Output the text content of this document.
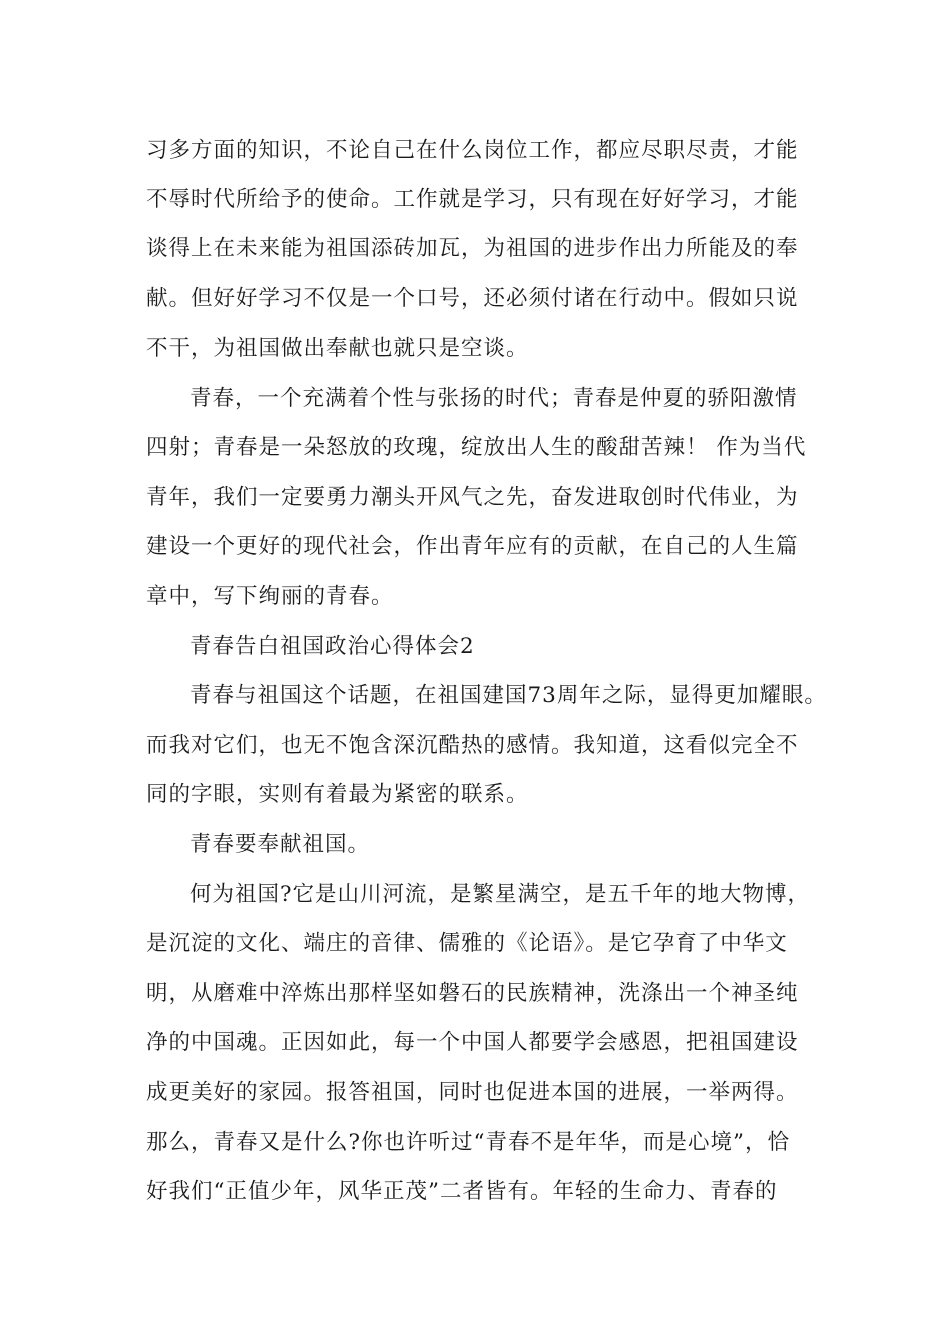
习多方面的知识，不论自己在什么岗位工作，都应尽职尽责，才能
不辱时代所给予的使命。工作就是学习，只有现在好好学习，才能
谈得上在未来能为祖国添砖加瓦，为祖国的进步作出力所能及的奉
献。但好好学习不仅是一个口号，还必须付诸在行动中。假如只说
不干，为祖国做出奉献也就只是空谈。
青春，一个充满着个性与张扬的时代；青春是仲夏的骄阳激情
四射；青春是一朵怒放的玫瑰，绽放出人生的酸甜苦辣！ 作为当代
青年，我们一定要勇力潮头开风气之先，奋发进取创时代伟业，为
建设一个更好的现代社会，作出青年应有的贡献，在自己的人生篇
章中，写下绚丽的青春。
青春告白祖国政治心得体会2
青春与祖国这个话题，在祖国建国73周年之际，显得更加耀眼。
而我对它们，也无不饱含深沉酷热的感情。我知道，这看似完全不
同的字眼，实则有着最为紧密的联系。
青春要奉献祖国。
何为祖国?它是山川河流，是繁星满空，是五千年的地大物博，
是沉淀的文化、端庄的音律、儒雅的《论语》。是它孕育了中华文
明，从磨难中淬炼出那样坚如磐石的民族精神，洗涤出一个神圣纯
净的中国魂。正因如此，每一个中国人都要学会感恩，把祖国建设
成更美好的家园。报答祖国，同时也促进本国的进展，一举两得。
那么，青春又是什么?你也许听过“青春不是年华，而是心境”，恰
好我们“正值少年，风华正茂”二者皆有。年轻的生命力、青春的
